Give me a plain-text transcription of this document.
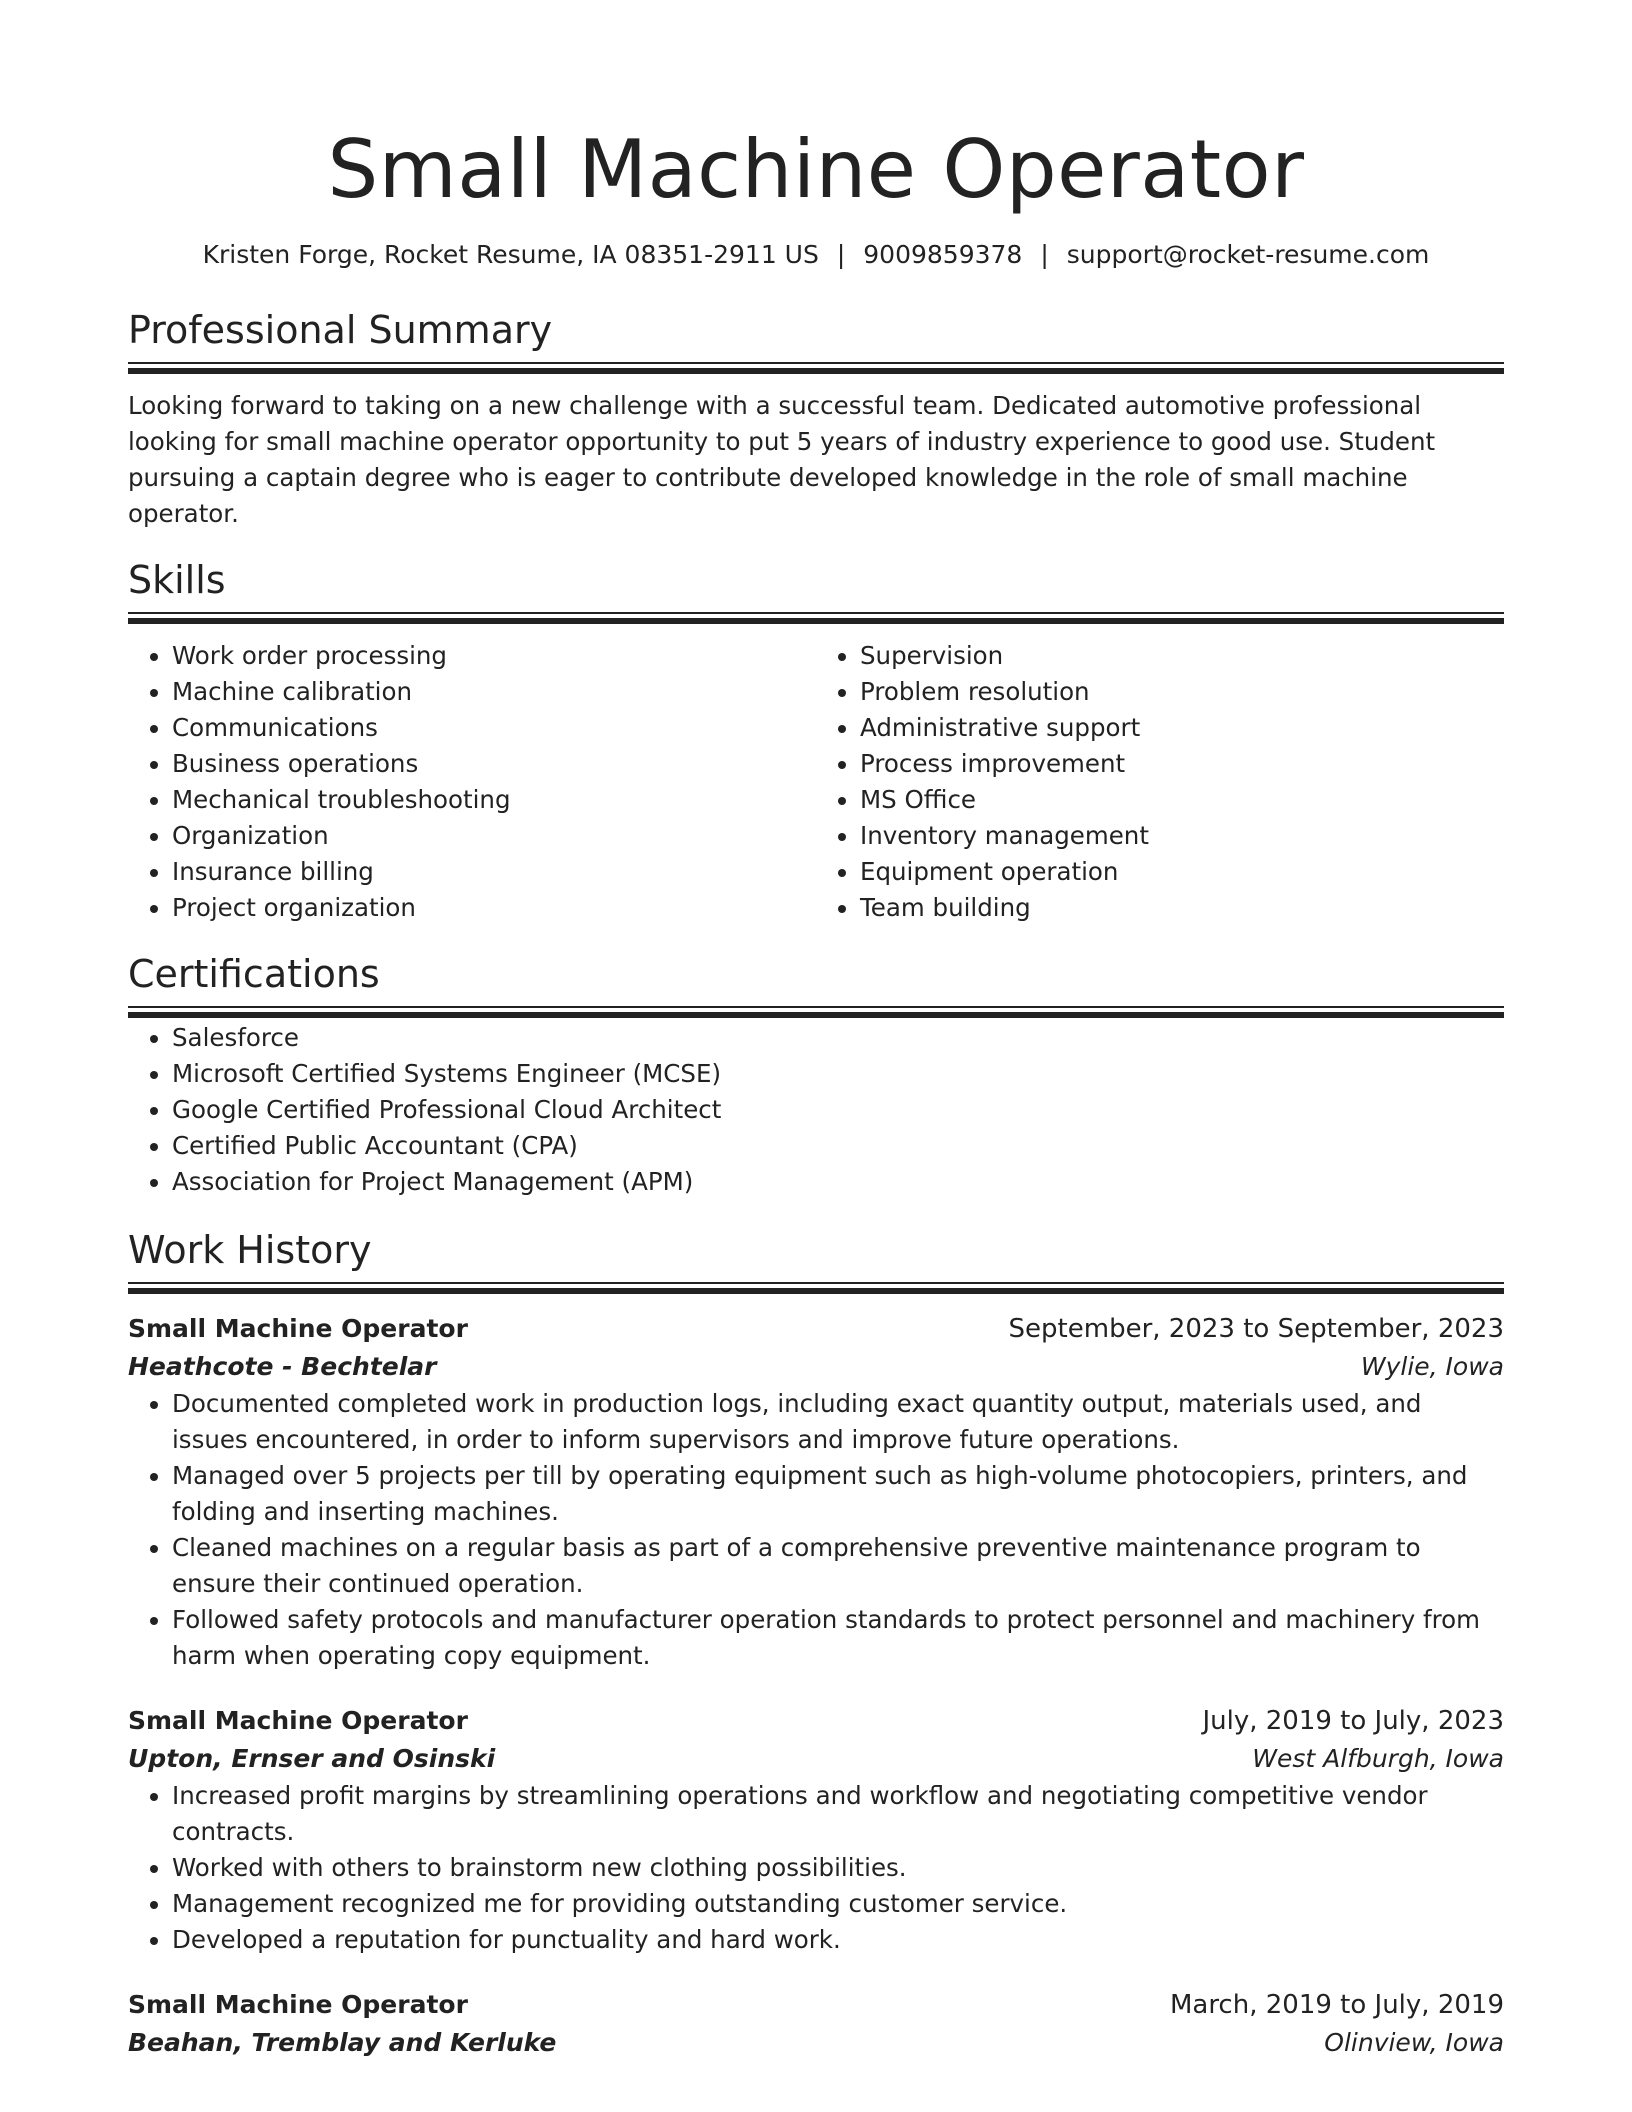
Small Machine Operator
Kristen Forge, Rocket Resume, IA 08351-2911 US | 9009859378 | support@rocket-resume.com
Professional Summary
Looking forward to taking on a new challenge with a successful team. Dedicated automotive professional looking for small machine operator opportunity to put 5 years of industry experience to good use. Student pursuing a captain degree who is eager to contribute developed knowledge in the role of small machine operator.
Skills
• Work order processing
• Machine calibration
• Communications
• Business operations
• Mechanical troubleshooting
• Organization
• Insurance billing
• Project organization
• Supervision
• Problem resolution
• Administrative support
• Process improvement
• MS Office
• Inventory management
• Equipment operation
• Team building
Certifications
• Salesforce
• Microsoft Certified Systems Engineer (MCSE)
• Google Certified Professional Cloud Architect
• Certified Public Accountant (CPA)
• Association for Project Management (APM)
Work History
Small Machine Operator	September, 2023 to September, 2023
Heathcote - Bechtelar	Wylie, Iowa
• Documented completed work in production logs, including exact quantity output, materials used, and issues encountered, in order to inform supervisors and improve future operations.
• Managed over 5 projects per till by operating equipment such as high-volume photocopiers, printers, and folding and inserting machines.
• Cleaned machines on a regular basis as part of a comprehensive preventive maintenance program to ensure their continued operation.
• Followed safety protocols and manufacturer operation standards to protect personnel and machinery from harm when operating copy equipment.
Small Machine Operator	July, 2019 to July, 2023
Upton, Ernser and Osinski	West Alfburgh, Iowa
• Increased profit margins by streamlining operations and workflow and negotiating competitive vendor contracts.
• Worked with others to brainstorm new clothing possibilities.
• Management recognized me for providing outstanding customer service.
• Developed a reputation for punctuality and hard work.
Small Machine Operator	March, 2019 to July, 2019
Beahan, Tremblay and Kerluke	Olinview, Iowa
